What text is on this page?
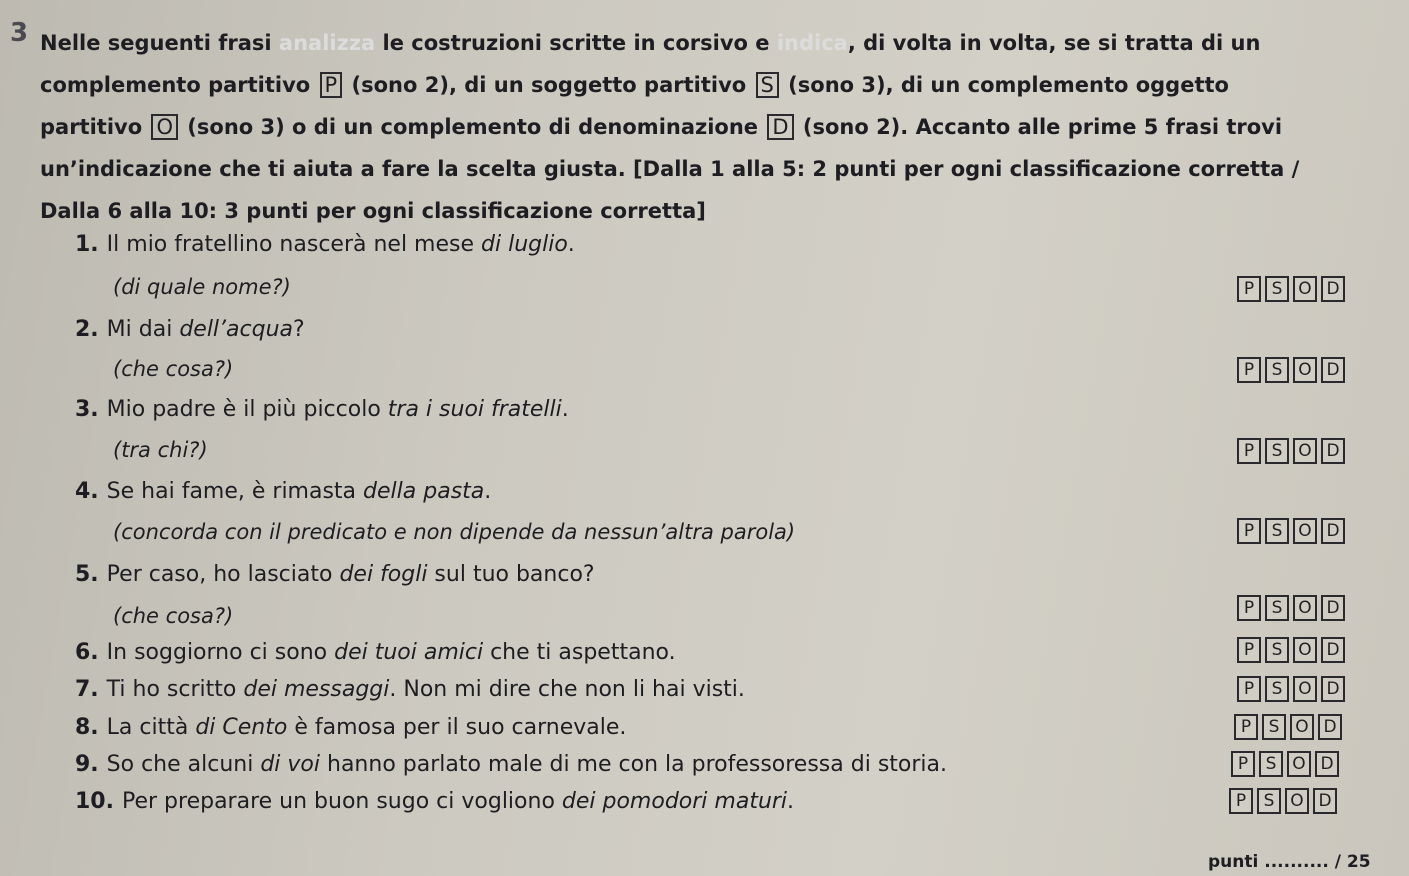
3 Nelle seguenti frasi analizza le costruzioni scritte in corsivo e indica, di volta in volta, se si tratta di un
complemento partitivo P (sono 2), di un soggetto partitivo S (sono 3), di un complemento oggetto
partitivo O (sono 3) o di un complemento di denominazione D (sono 2). Accanto alle prime 5 frasi trovi
un’indicazione che ti aiuta a fare la scelta giusta. [Dalla 1 alla 5: 2 punti per ogni classificazione corretta /
Dalla 6 alla 10: 3 punti per ogni classificazione corretta]
1. Il mio fratellino nascerà nel mese di luglio.
(di quale nome?)	P	S O D
2. Mi dai dell’acqua?
(che cosa?)	P	S O D
3. Mio padre è il più piccolo tra i suoi fratelli.
(tra chi?)	P	S O D
4. Se hai fame, è rimasta della pasta.
(concorda con il predicato e non dipende da nessun’altra parola)	P	S O D
5. Per caso, ho lasciato dei fogli sul tuo banco?
(che cosa?)	P	S O D
6. In soggiorno ci sono dei tuoi amici che ti aspettano.	P	S O D
7. Ti ho scritto dei messaggi. Non mi dire che non li hai visti.	P	S O D
8. La città di Cento è famosa per il suo carnevale.	P	S O D
9. So che alcuni di voi hanno parlato male di me con la professoressa di storia.	P	S O D
10. Per preparare un buon sugo ci vogliono dei pomodori maturi.	P	S O D
punti .......... / 25
